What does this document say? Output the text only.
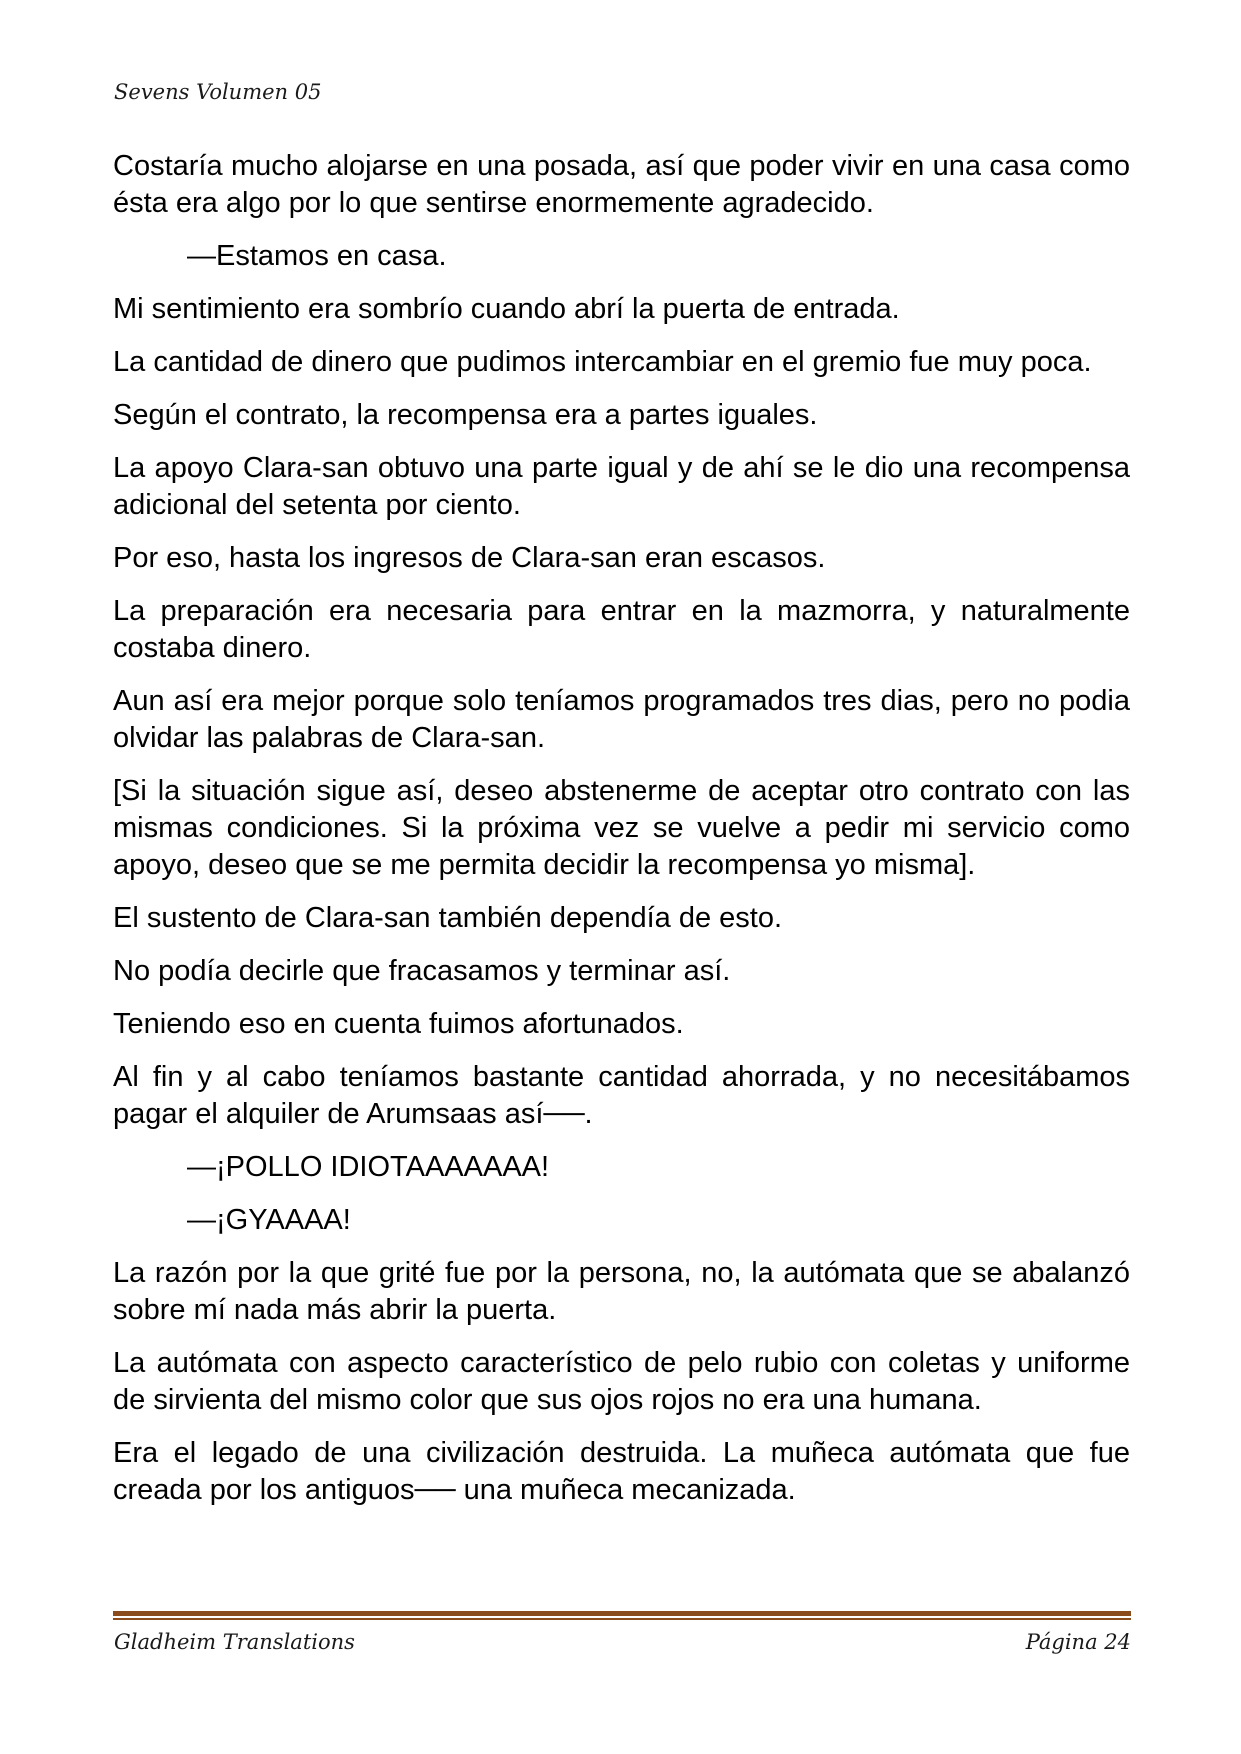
Sevens Volumen 05

Costaría mucho alojarse en una posada, así que poder vivir en una casa como ésta era algo por lo que sentirse enormemente agradecido.

—Estamos en casa.

Mi sentimiento era sombrío cuando abrí la puerta de entrada.

La cantidad de dinero que pudimos intercambiar en el gremio fue muy poca.

Según el contrato, la recompensa era a partes iguales.

La apoyo Clara-san obtuvo una parte igual y de ahí se le dio una recompensa adicional del setenta por ciento.

Por eso, hasta los ingresos de Clara-san eran escasos.

La preparación era necesaria para entrar en la mazmorra, y naturalmente costaba dinero.

Aun así era mejor porque solo teníamos programados tres dias, pero no podia olvidar las palabras de Clara-san.

[Si la situación sigue así, deseo abstenerme de aceptar otro contrato con las mismas condiciones. Si la próxima vez se vuelve a pedir mi servicio como apoyo, deseo que se me permita decidir la recompensa yo misma].

El sustento de Clara-san también dependía de esto.

No podía decirle que fracasamos y terminar así.

Teniendo eso en cuenta fuimos afortunados.

Al fin y al cabo teníamos bastante cantidad ahorrada, y no necesitábamos pagar el alquiler de Arumsaas así──.

—¡POLLO IDIOTAAAAAAA!

—¡GYAAAA!

La razón por la que grité fue por la persona, no, la autómata que se abalanzó sobre mí nada más abrir la puerta.

La autómata con aspecto característico de pelo rubio con coletas y uniforme de sirvienta del mismo color que sus ojos rojos no era una humana.

Era el legado de una civilización destruida. La muñeca autómata que fue creada por los antiguos── una muñeca mecanizada.

Gladheim Translations	Página 24
